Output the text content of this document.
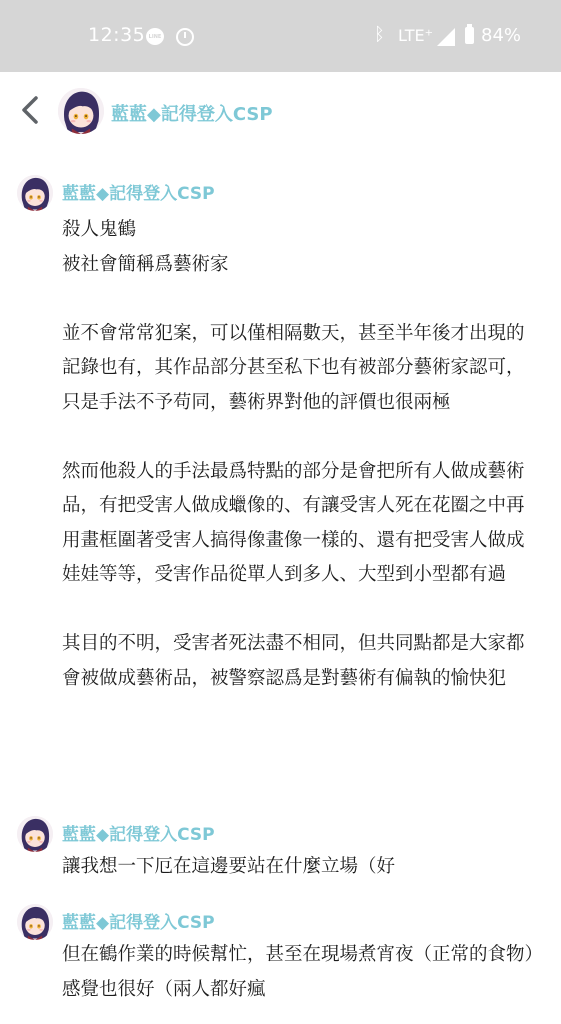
12:35 LINE	ᛒ LTE⁺	84%
藍藍◆記得登入CSP
藍藍◆記得登入CSP

殺人鬼鶴

被社會簡稱爲藝術家

並不會常常犯案，可以僅相隔數天，甚至半年後才出現的記錄也有，其作品部分甚至私下也有被部分藝術家認可，只是手法不予苟同，藝術界對他的評價也很兩極

然而他殺人的手法最爲特點的部分是會把所有人做成藝術品，有把受害人做成蠟像的、有讓受害人死在花圈之中再用畫框圍著受害人搞得像畫像一樣的、還有把受害人做成娃娃等等，受害作品從單人到多人、大型到小型都有過

其目的不明，受害者死法盡不相同，但共同點都是大家都會被做成藝術品，被警察認爲是對藝術有偏執的愉快犯

藍藍◆記得登入CSP

讓我想一下厄在這邊要站在什麼立場（好

藍藍◆記得登入CSP

但在鶴作業的時候幫忙，甚至在現場煮宵夜（正常的食物）感覺也很好（兩人都好瘋
